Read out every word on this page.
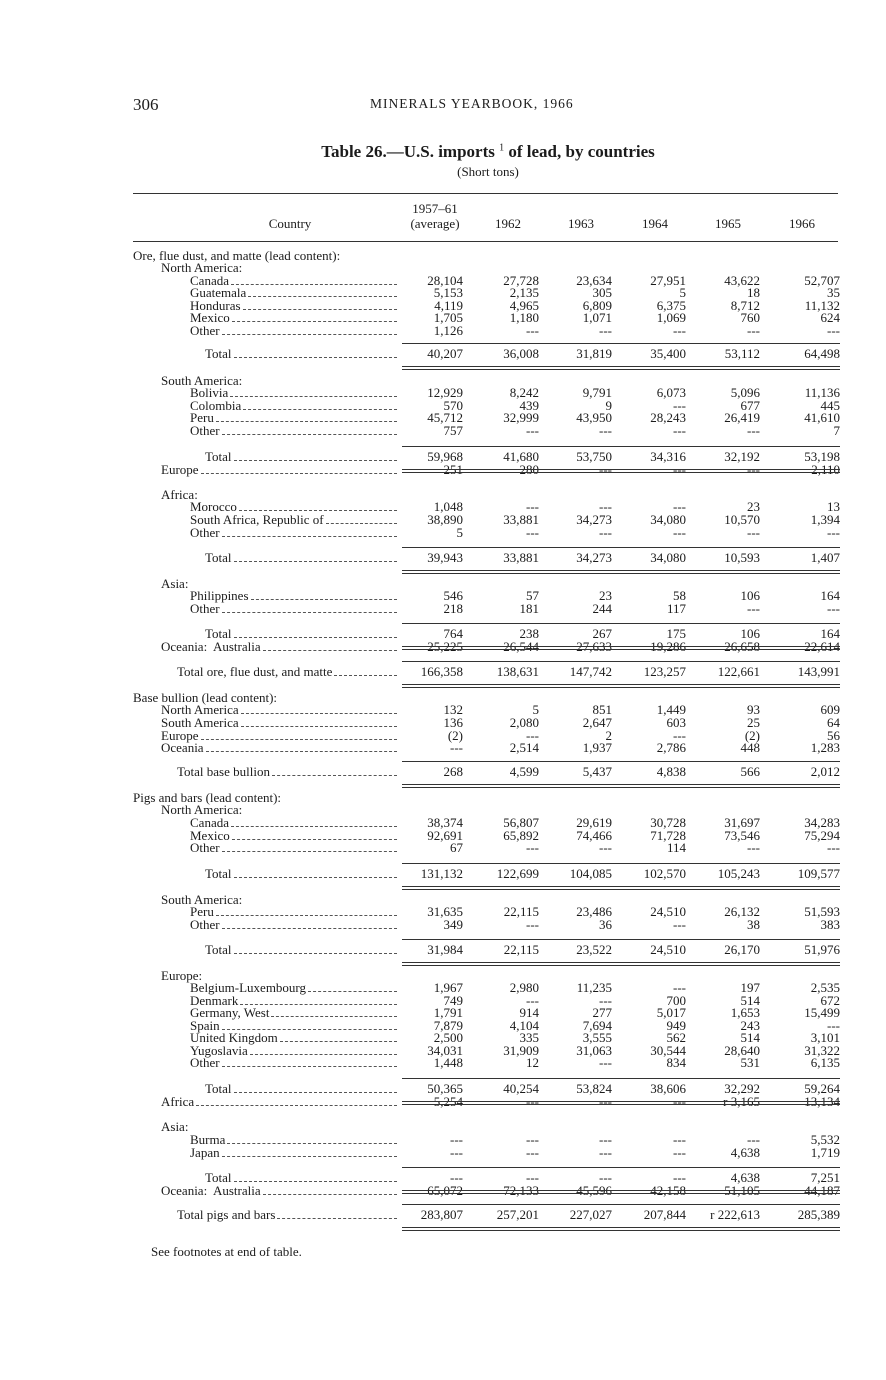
306	MINERALS YEARBOOK, 1966
Table 26.—U.S. imports $^1$ of lead, by countries
(Short tons)
Country
1957–61
(average)	1962	1963	1964	1965	1966
Ore, flue dust, and matte (lead content):
North America:
Canada	28,104	27,728	23,634	27,951	43,622	52,707
Guatemala	5,153	2,135	305	5	18	35
Honduras	4,119	4,965	6,809	6,375	8,712	11,132
Mexico	1,705	1,180	1,071	1,069	760	624
Other	1,126	---	---	---	---	---
Total	40,207	36,008	31,819	35,400	53,112	64,498
South America:
Bolivia	12,929	8,242	9,791	6,073	5,096	11,136
Colombia	570	439	9	---	677	445
Peru	45,712	32,999	43,950	28,243	26,419	41,610
Other	757	---	---	---	---	7
Total	59,968	41,680	53,750	34,316	32,192	53,198
Europe	251	280	---	---	---	2,110
Africa:
Morocco	1,048	---	---	---	23	13
South Africa, Republic of	38,890	33,881	34,273	34,080	10,570	1,394
Other	5	---	---	---	---	---
Total	39,943	33,881	34,273	34,080	10,593	1,407
Asia:
Philippines	546	57	23	58	106	164
Other	218	181	244	117	---	---
Total	764	238	267	175	106	164
Oceania:  Australia	25,225	26,544	27,633	19,286	26,658	22,614
Total ore, flue dust, and matte	166,358	138,631	147,742	123,257	122,661	143,991
Base bullion (lead content):
North America	132	5	851	1,449	93	609
South America	136	2,080	2,647	603	25	64
Europe	(2)	---	2	---	(2)	56
Oceania	---	2,514	1,937	2,786	448	1,283
Total base bullion	268	4,599	5,437	4,838	566	2,012
Pigs and bars (lead content):
North America:
Canada	38,374	56,807	29,619	30,728	31,697	34,283
Mexico	92,691	65,892	74,466	71,728	73,546	75,294
Other	67	---	---	114	---	---
Total	131,132	122,699	104,085	102,570	105,243	109,577
South America:
Peru	31,635	22,115	23,486	24,510	26,132	51,593
Other	349	---	36	---	38	383
Total	31,984	22,115	23,522	24,510	26,170	51,976
Europe:
Belgium-Luxembourg	1,967	2,980	11,235	---	197	2,535
Denmark	749	---	---	700	514	672
Germany, West	1,791	914	277	5,017	1,653	15,499
Spain	7,879	4,104	7,694	949	243	---
United Kingdom	2,500	335	3,555	562	514	3,101
Yugoslavia	34,031	31,909	31,063	30,544	28,640	31,322
Other	1,448	12	---	834	531	6,135
Total	50,365	40,254	53,824	38,606	32,292	59,264
Africa	5,254	---	---	---	r 3,165	13,134
Asia:
Burma	---	---	---	---	---	5,532
Japan	---	---	---	---	4,638	1,719
Total	---	---	---	---	4,638	7,251
Oceania:  Australia	65,072	72,133	45,596	42,158	51,105	44,187
Total pigs and bars	283,807	257,201	227,027	207,844	r 222,613	285,389
See footnotes at end of table.
